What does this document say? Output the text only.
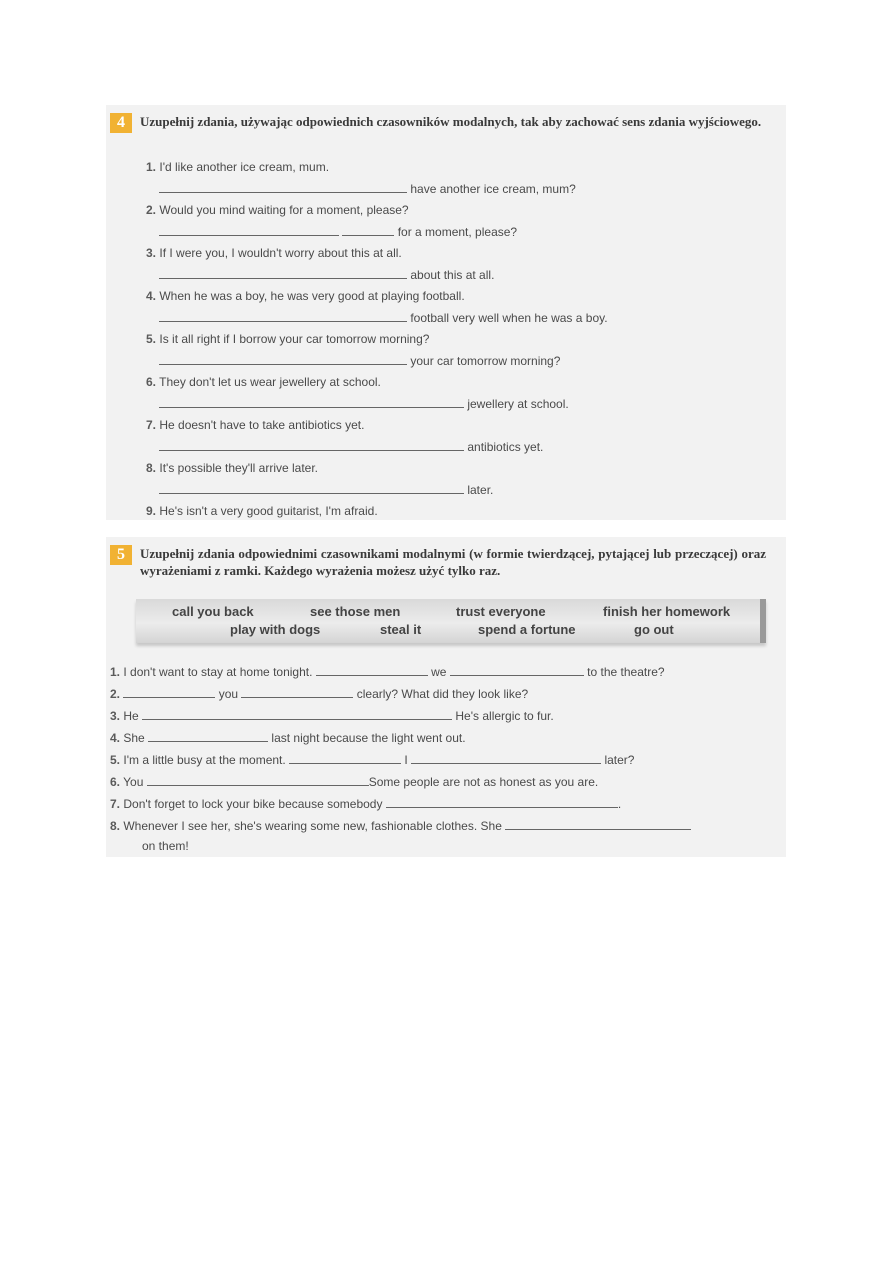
4	Uzupełnij zdania, używając odpowiednich czasowników modalnych, tak aby zachować sens zdania wyjściowego.
1. I'd like another ice cream, mum.
have another ice cream, mum?
2. Would you mind waiting for a moment, please?
for a moment, please?
3. If I were you, I wouldn't worry about this at all.
about this at all.
4. When he was a boy, he was very good at playing football.
football very well when he was a boy.
5. Is it all right if I borrow your car tomorrow morning?
your car tomorrow morning?
6. They don't let us wear jewellery at school.
jewellery at school.
7. He doesn't have to take antibiotics yet.
antibiotics yet.
8. It's possible they'll arrive later.
later.
9. He's isn't a very good guitarist, I'm afraid.
5	Uzupełnij zdania odpowiednimi czasownikami modalnymi (w formie twierdzącej, pytającej lub przeczącej) oraz wyrażeniami z ramki. Każdego wyrażenia możesz użyć tylko raz.
call you back	see those men	trust everyone	finish her homework
play with dogs	steal it	spend a fortune	go out
1. I don't want to stay at home tonight.	we	to the theatre?
2.	you	clearly? What did they look like?
3. He	He's allergic to fur.
4. She	last night because the light went out.
5. I'm a little busy at the moment.	I	later?
6. You	Some people are not as honest as you are.
7. Don't forget to lock your bike because somebody	.
8. Whenever I see her, she's wearing some new, fashionable clothes. She
on them!
